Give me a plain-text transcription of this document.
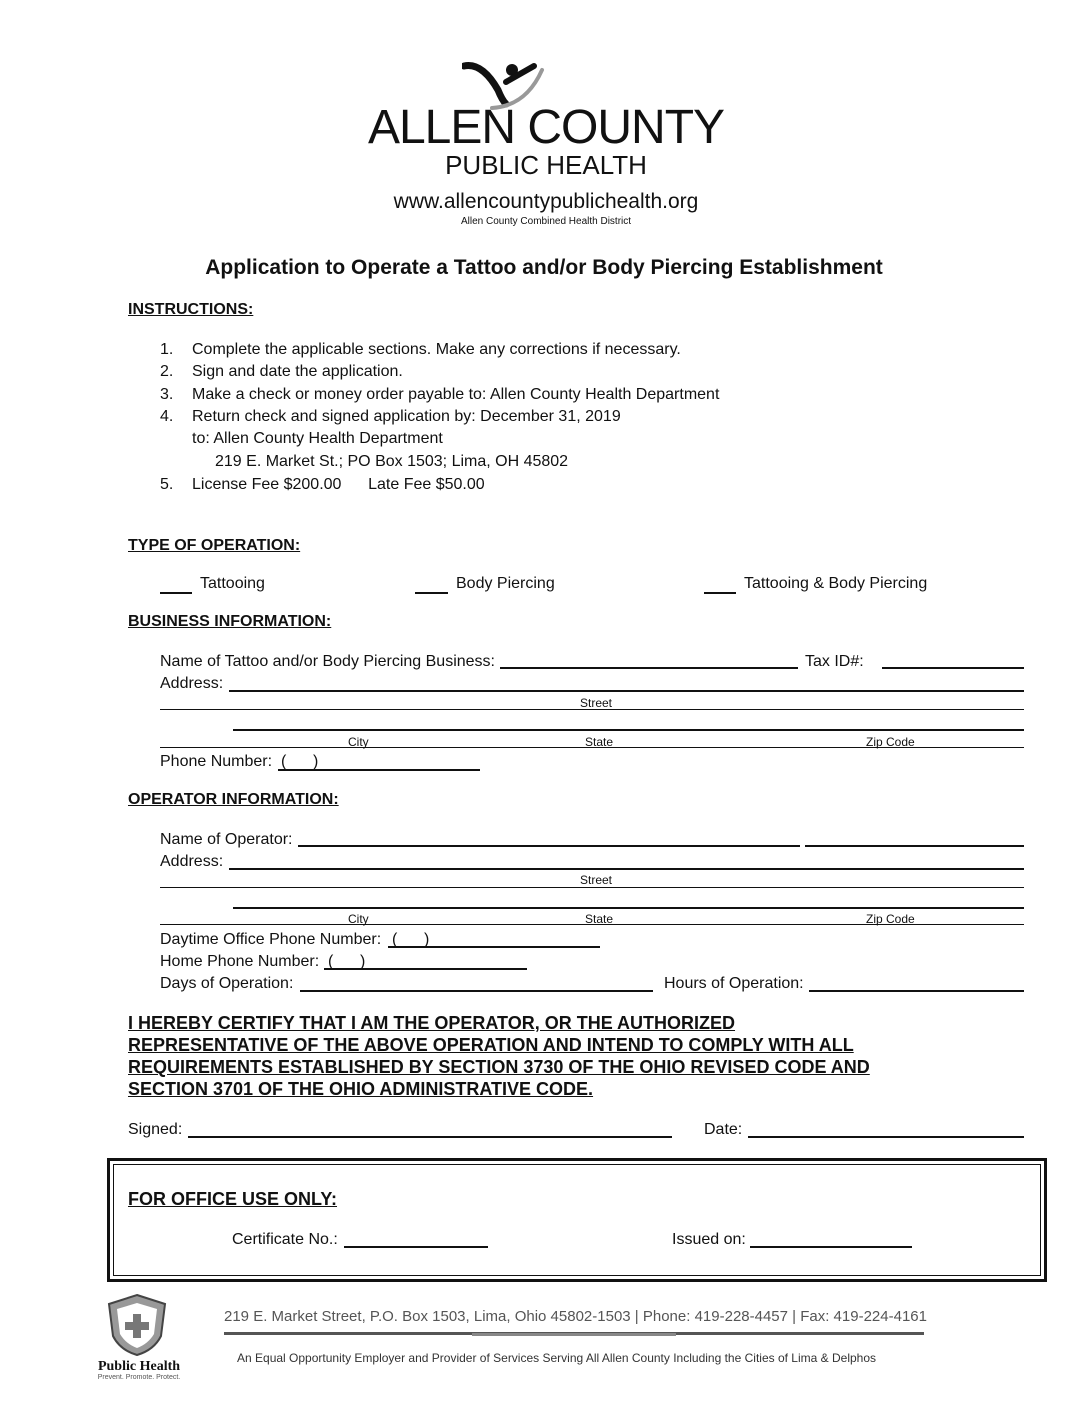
ALLEN COUNTY
PUBLIC HEALTH
www.allencountypublichealth.org
Allen County Combined Health District
Application to Operate a Tattoo and/or Body Piercing Establishment
INSTRUCTIONS:
1. Complete the applicable sections. Make any corrections if necessary.
2. Sign and date the application.
3. Make a check or money order payable to: Allen County Health Department
4. Return check and signed application by: December 31, 2019
to: Allen County Health Department
219 E. Market St.; PO Box 1503; Lima, OH 45802
5. License Fee $200.00      Late Fee $50.00
TYPE OF OPERATION:
Tattooing	Body Piercing	Tattooing & Body Piercing
BUSINESS INFORMATION:
Name of Tattoo and/or Body Piercing Business:	Tax ID#:
Address:
Street
City	State	Zip Code
Phone Number: (      )
OPERATOR INFORMATION:
Name of Operator:
Address:
Street
City	State	Zip Code
Daytime Office Phone Number: (      )
Home Phone Number: (      )
Days of Operation:	Hours of Operation:
I HEREBY CERTIFY THAT I AM THE OPERATOR, OR THE AUTHORIZED
REPRESENTATIVE OF THE ABOVE OPERATION AND INTEND TO COMPLY WITH ALL
REQUIREMENTS ESTABLISHED BY SECTION 3730 OF THE OHIO REVISED CODE AND
SECTION 3701 OF THE OHIO ADMINISTRATIVE CODE.
Signed:	Date:
FOR OFFICE USE ONLY:
Certificate No.:	Issued on:
Public Health
Prevent. Promote. Protect.
219 E. Market Street, P.O. Box 1503, Lima, Ohio 45802-1503 | Phone: 419-228-4457 | Fax: 419-224-4161
An Equal Opportunity Employer and Provider of Services Serving All Allen County Including the Cities of Lima & Delphos
